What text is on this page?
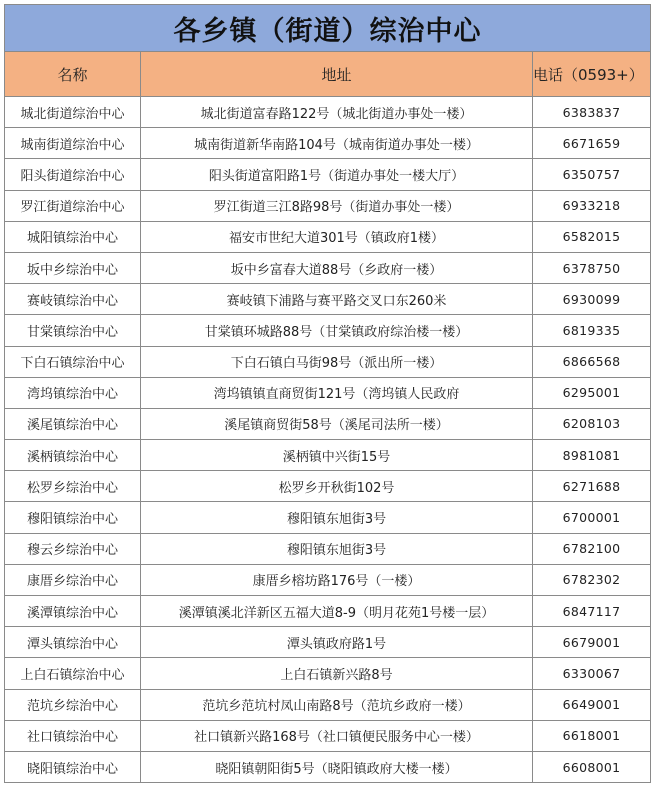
各乡镇（街道）综治中心		
名称	地址	电话（0593+）
城北街道综治中心	城北街道富春路122号（城北街道办事处一楼）	6383837
城南街道综治中心	城南街道新华南路104号（城南街道办事处一楼）	6671659
阳头街道综治中心	阳头街道富阳路1号（街道办事处一楼大厅）	6350757
罗江街道综治中心	罗江街道三江8路98号（街道办事处一楼）	6933218
城阳镇综治中心	福安市世纪大道301号（镇政府1楼）	6582015
坂中乡综治中心	坂中乡富春大道88号（乡政府一楼）	6378750
赛岐镇综治中心	赛岐镇下浦路与赛平路交叉口东260米	6930099
甘棠镇综治中心	甘棠镇环城路88号（甘棠镇政府综治楼一楼）	6819335
下白石镇综治中心	下白石镇白马街98号（派出所一楼）	6866568
湾坞镇综治中心	湾坞镇镇直商贸街121号（湾坞镇人民政府	6295001
溪尾镇综治中心	溪尾镇商贸街58号（溪尾司法所一楼）	6208103
溪柄镇综治中心	溪柄镇中兴街15号	8981081
松罗乡综治中心	松罗乡开秋街102号	6271688
穆阳镇综治中心	穆阳镇东旭街3号	6700001
穆云乡综治中心	穆阳镇东旭街3号	6782100
康厝乡综治中心	康厝乡榕坊路176号（一楼）	6782302
溪潭镇综治中心	溪潭镇溪北洋新区五福大道8-9（明月花苑1号楼一层）	6847117
潭头镇综治中心	潭头镇政府路1号	6679001
上白石镇综治中心	上白石镇新兴路8号	6330067
范坑乡综治中心	范坑乡范坑村凤山南路8号（范坑乡政府一楼）	6649001
社口镇综治中心	社口镇新兴路168号（社口镇便民服务中心一楼）	6618001
晓阳镇综治中心	晓阳镇朝阳街5号（晓阳镇政府大楼一楼）	6608001
